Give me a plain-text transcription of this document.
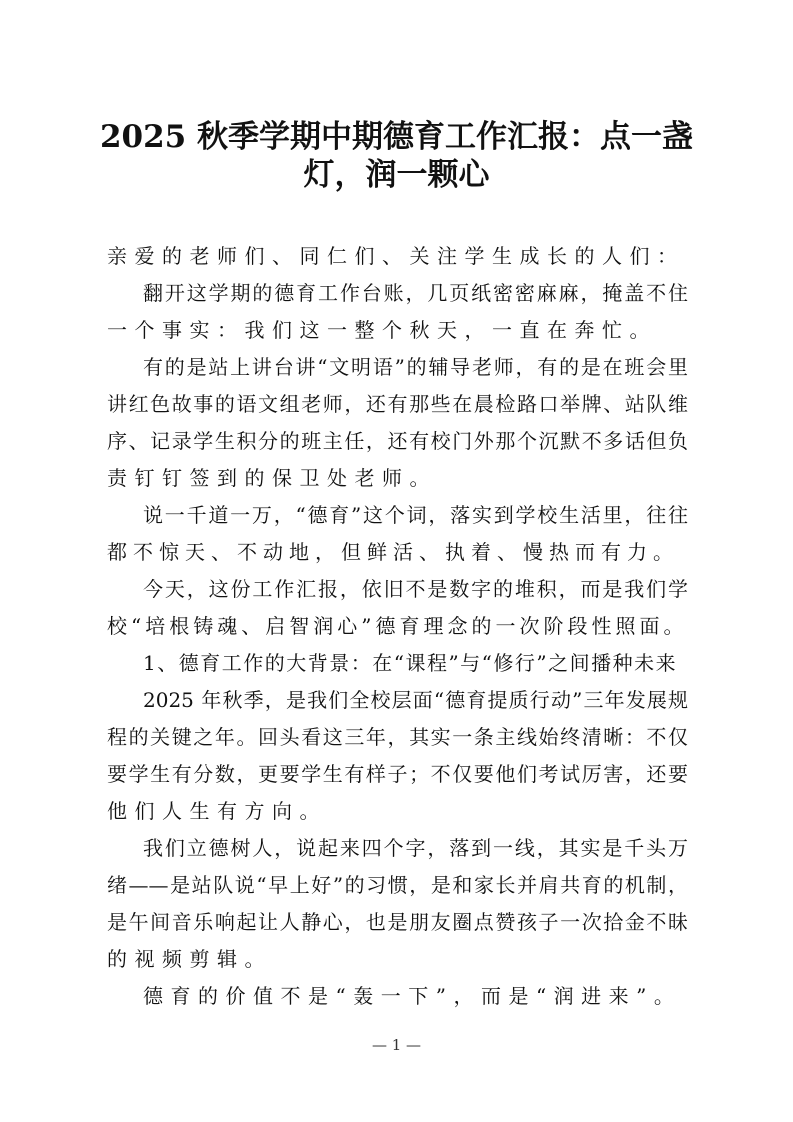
2025 秋季学期中期德育工作汇报：点一盏
灯，润一颗心
亲爱的老师们、同仁们、关注学生成长的人们：
翻开这学期的德育工作台账，几页纸密密麻麻，掩盖不住
一个事实：我们这一整个秋天，一直在奔忙。
有的是站上讲台讲“文明语”的辅导老师，有的是在班会里
讲红色故事的语文组老师，还有那些在晨检路口举牌、站队维
序、记录学生积分的班主任，还有校门外那个沉默不多话但负
责钉钉签到的保卫处老师。
说一千道一万，“德育”这个词，落实到学校生活里，往往
都不惊天、不动地，但鲜活、执着、慢热而有力。
今天，这份工作汇报，依旧不是数字的堆积，而是我们学
校“培根铸魂、启智润心”德育理念的一次阶段性照面。
1、德育工作的大背景：在“课程”与“修行”之间播种未来
2025 年秋季，是我们全校层面“德育提质行动”三年发展规
程的关键之年。回头看这三年，其实一条主线始终清晰：不仅
要学生有分数，更要学生有样子；不仅要他们考试厉害，还要
他们人生有方向。
我们立德树人，说起来四个字，落到一线，其实是千头万
绪——是站队说“早上好”的习惯，是和家长并肩共育的机制，
是午间音乐响起让人静心，也是朋友圈点赞孩子一次拾金不昧
的视频剪辑。
德育的价值不是“轰一下”，而是“润进来”。
— 1 —
